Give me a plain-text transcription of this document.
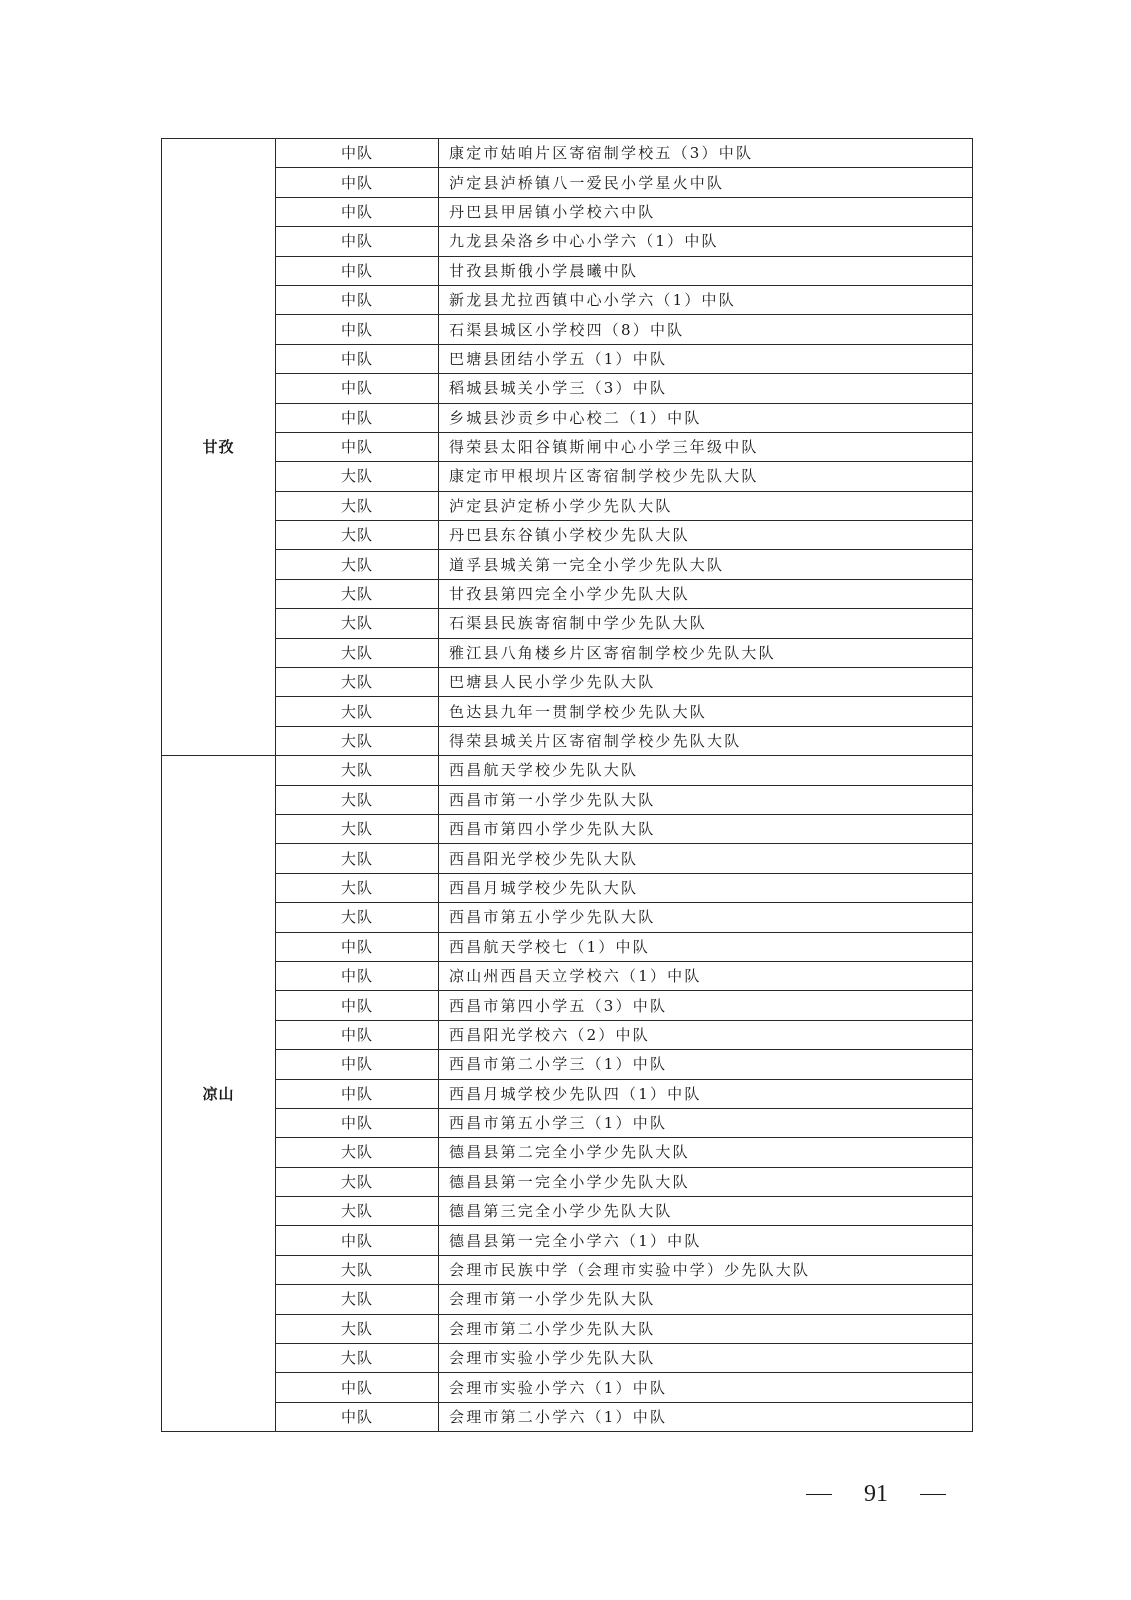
甘孜	中队	康定市姑咱片区寄宿制学校五（3）中队
	中队	泸定县泸桥镇八一爱民小学星火中队
	中队	丹巴县甲居镇小学校六中队
	中队	九龙县朵洛乡中心小学六（1）中队
	中队	甘孜县斯俄小学晨曦中队
	中队	新龙县尤拉西镇中心小学六（1）中队
	中队	石渠县城区小学校四（8）中队
	中队	巴塘县团结小学五（1）中队
	中队	稻城县城关小学三（3）中队
	中队	乡城县沙贡乡中心校二（1）中队
	中队	得荣县太阳谷镇斯闸中心小学三年级中队
	大队	康定市甲根坝片区寄宿制学校少先队大队
	大队	泸定县泸定桥小学少先队大队
	大队	丹巴县东谷镇小学校少先队大队
	大队	道孚县城关第一完全小学少先队大队
	大队	甘孜县第四完全小学少先队大队
	大队	石渠县民族寄宿制中学少先队大队
	大队	雅江县八角楼乡片区寄宿制学校少先队大队
	大队	巴塘县人民小学少先队大队
	大队	色达县九年一贯制学校少先队大队
	大队	得荣县城关片区寄宿制学校少先队大队
凉山	大队	西昌航天学校少先队大队
	大队	西昌市第一小学少先队大队
	大队	西昌市第四小学少先队大队
	大队	西昌阳光学校少先队大队
	大队	西昌月城学校少先队大队
	大队	西昌市第五小学少先队大队
	中队	西昌航天学校七（1）中队
	中队	凉山州西昌天立学校六（1）中队
	中队	西昌市第四小学五（3）中队
	中队	西昌阳光学校六（2）中队
	中队	西昌市第二小学三（1）中队
	中队	西昌月城学校少先队四（1）中队
	中队	西昌市第五小学三（1）中队
	大队	德昌县第二完全小学少先队大队
	大队	德昌县第一完全小学少先队大队
	大队	德昌第三完全小学少先队大队
	中队	德昌县第一完全小学六（1）中队
	大队	会理市民族中学（会理市实验中学）少先队大队
	大队	会理市第一小学少先队大队
	大队	会理市第二小学少先队大队
	大队	会理市实验小学少先队大队
	中队	会理市实验小学六（1）中队
	中队	会理市第二小学六（1）中队
91
